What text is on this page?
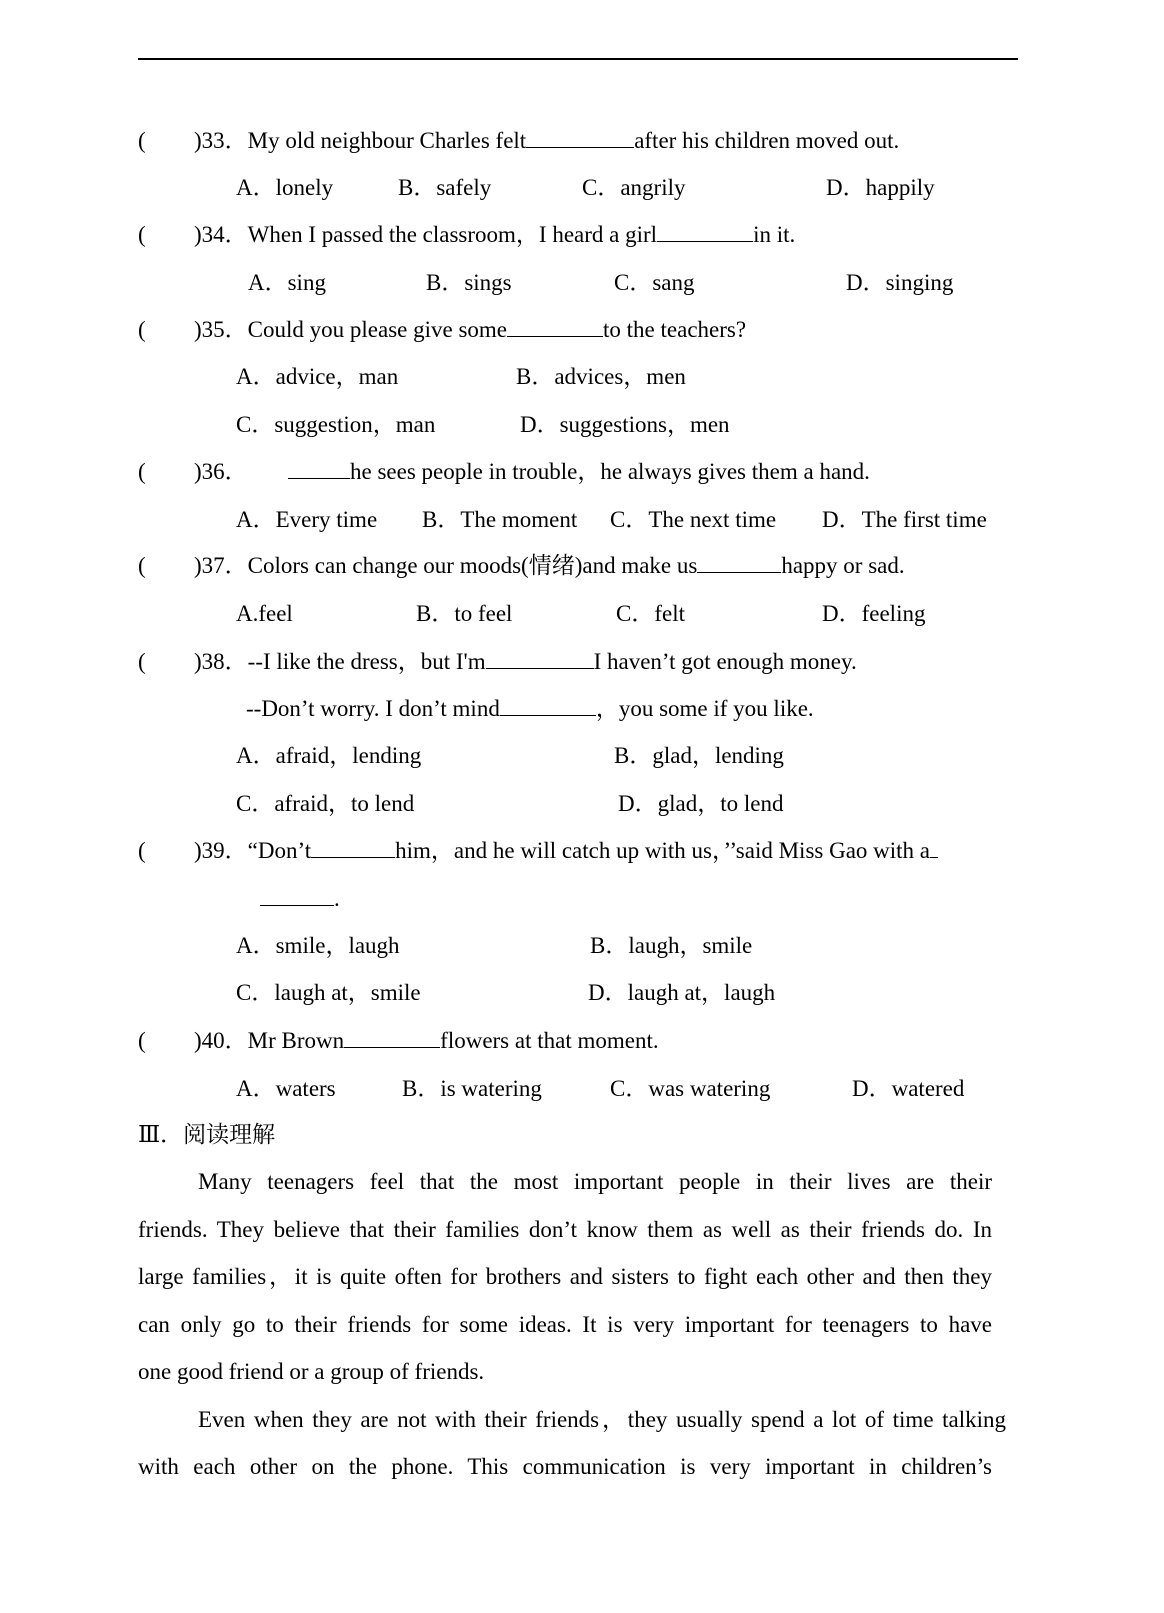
( )33．My old neighbour Charles felt	after his children moved out.
A．lonely	B．safely	C．angrily	D．happily
( )34．When I passed the classroom，I heard a girl	in it.
A．sing	B．sings	C．sang	D．singing
( )35．Could you please give some	to the teachers?
A．advice，man	B．advices，men
C．suggestion，man	D．suggestions，men
( )36．	he sees people in trouble，he always gives them a hand.
A．Every time B．The moment C．The next time D．The first time
( )37．Colors can change our moods(情绪)and make us	happy or sad.
A.feel	B．to feel	C．felt	D．feeling
( )38．--I like the dress，but I'm	I haven’t got enough money.
--Don’t worry. I don’t mind	，you some if you like.
A．afraid，lending	B．glad，lending
C．afraid，to lend	D．glad，to lend
( )39．“Don’t	him，and he will catch up with us，’’said Miss Gao with a
.
A．smile，laugh	B．laugh，smile
C．laugh at，smile	D．laugh at，laugh
( )40．Mr Brown	flowers at that moment.
A．waters	B．is watering	C．was watering	D．watered
Ⅲ．阅读理解
Many teenagers feel that the most important people in their lives are their
friends. They believe that their families don’t know them as well as their friends do. In
large families，it is quite often for brothers and sisters to fight each other and then they
can only go to their friends for some ideas. It is very important for teenagers to have
one good friend or a group of friends.
Even when they are not with their friends，they usually spend a lot of time talking
with each other on the phone. This communication is very important in children’s
